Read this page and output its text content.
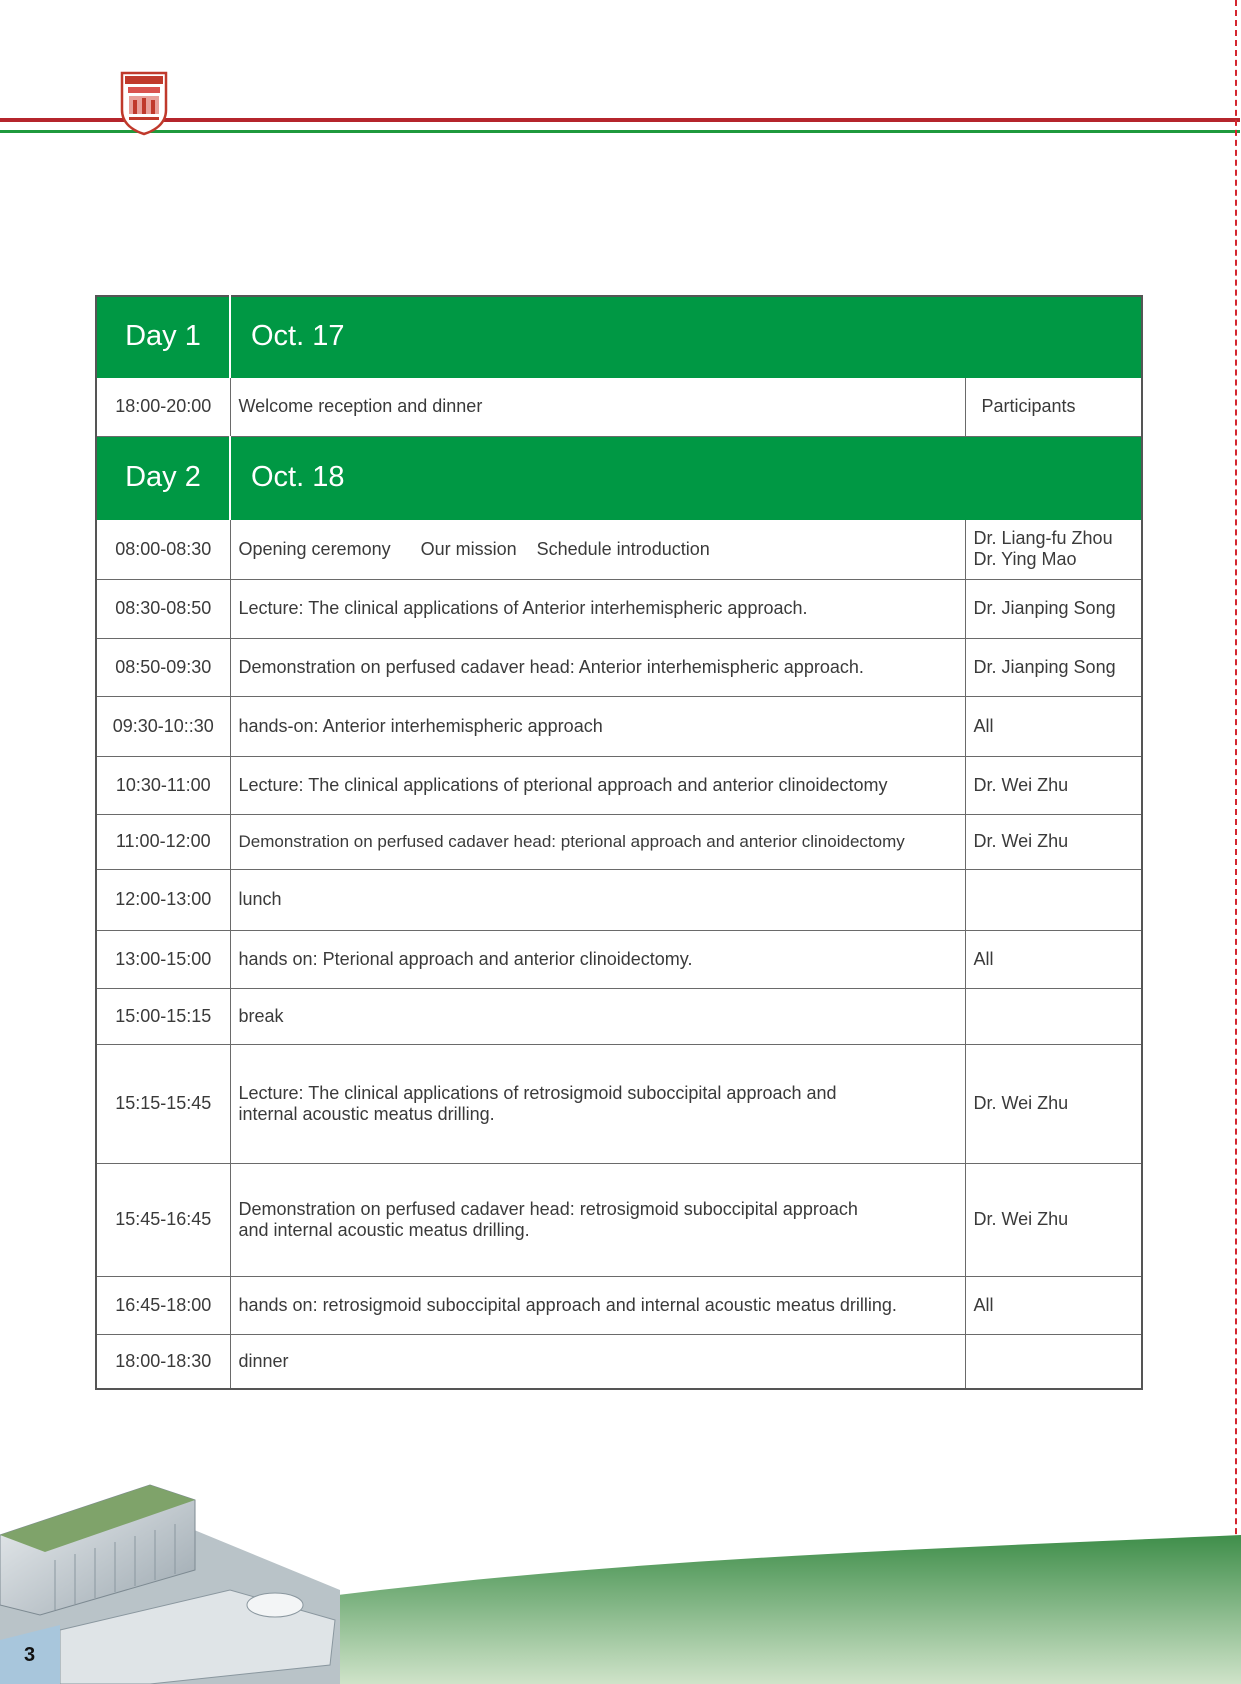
Day 1	Oct. 17	
18:00-20:00	Welcome reception and dinner	Participants
Day 2	Oct. 18	
08:00-08:30	Opening ceremony      Our mission    Schedule introduction	Dr. Liang-fu Zhou
Dr. Ying Mao

08:30-08:50	Lecture: The clinical applications of Anterior interhemispheric approach.	Dr. Jianping Song
08:50-09:30	Demonstration on perfused cadaver head: Anterior interhemispheric approach.	Dr. Jianping Song
09:30-10::30	hands-on: Anterior interhemispheric approach	All
10:30-11:00	Lecture: The clinical applications of pterional approach and anterior clinoidectomy	Dr. Wei Zhu
11:00-12:00	Demonstration on perfused cadaver head: pterional approach and anterior clinoidectomy	Dr. Wei Zhu
12:00-13:00	lunch	
13:00-15:00	hands on: Pterional approach and anterior clinoidectomy.	All
15:00-15:15	break	
15:15-15:45	Lecture: The clinical applications of retrosigmoid suboccipital approach and
internal acoustic meatus drilling.	Dr. Wei Zhu
15:45-16:45	Demonstration on perfused cadaver head: retrosigmoid suboccipital approach
and internal acoustic meatus drilling.	Dr. Wei Zhu
16:45-18:00	hands on: retrosigmoid suboccipital approach and internal acoustic meatus drilling.	All
18:00-18:30	dinner	
3
